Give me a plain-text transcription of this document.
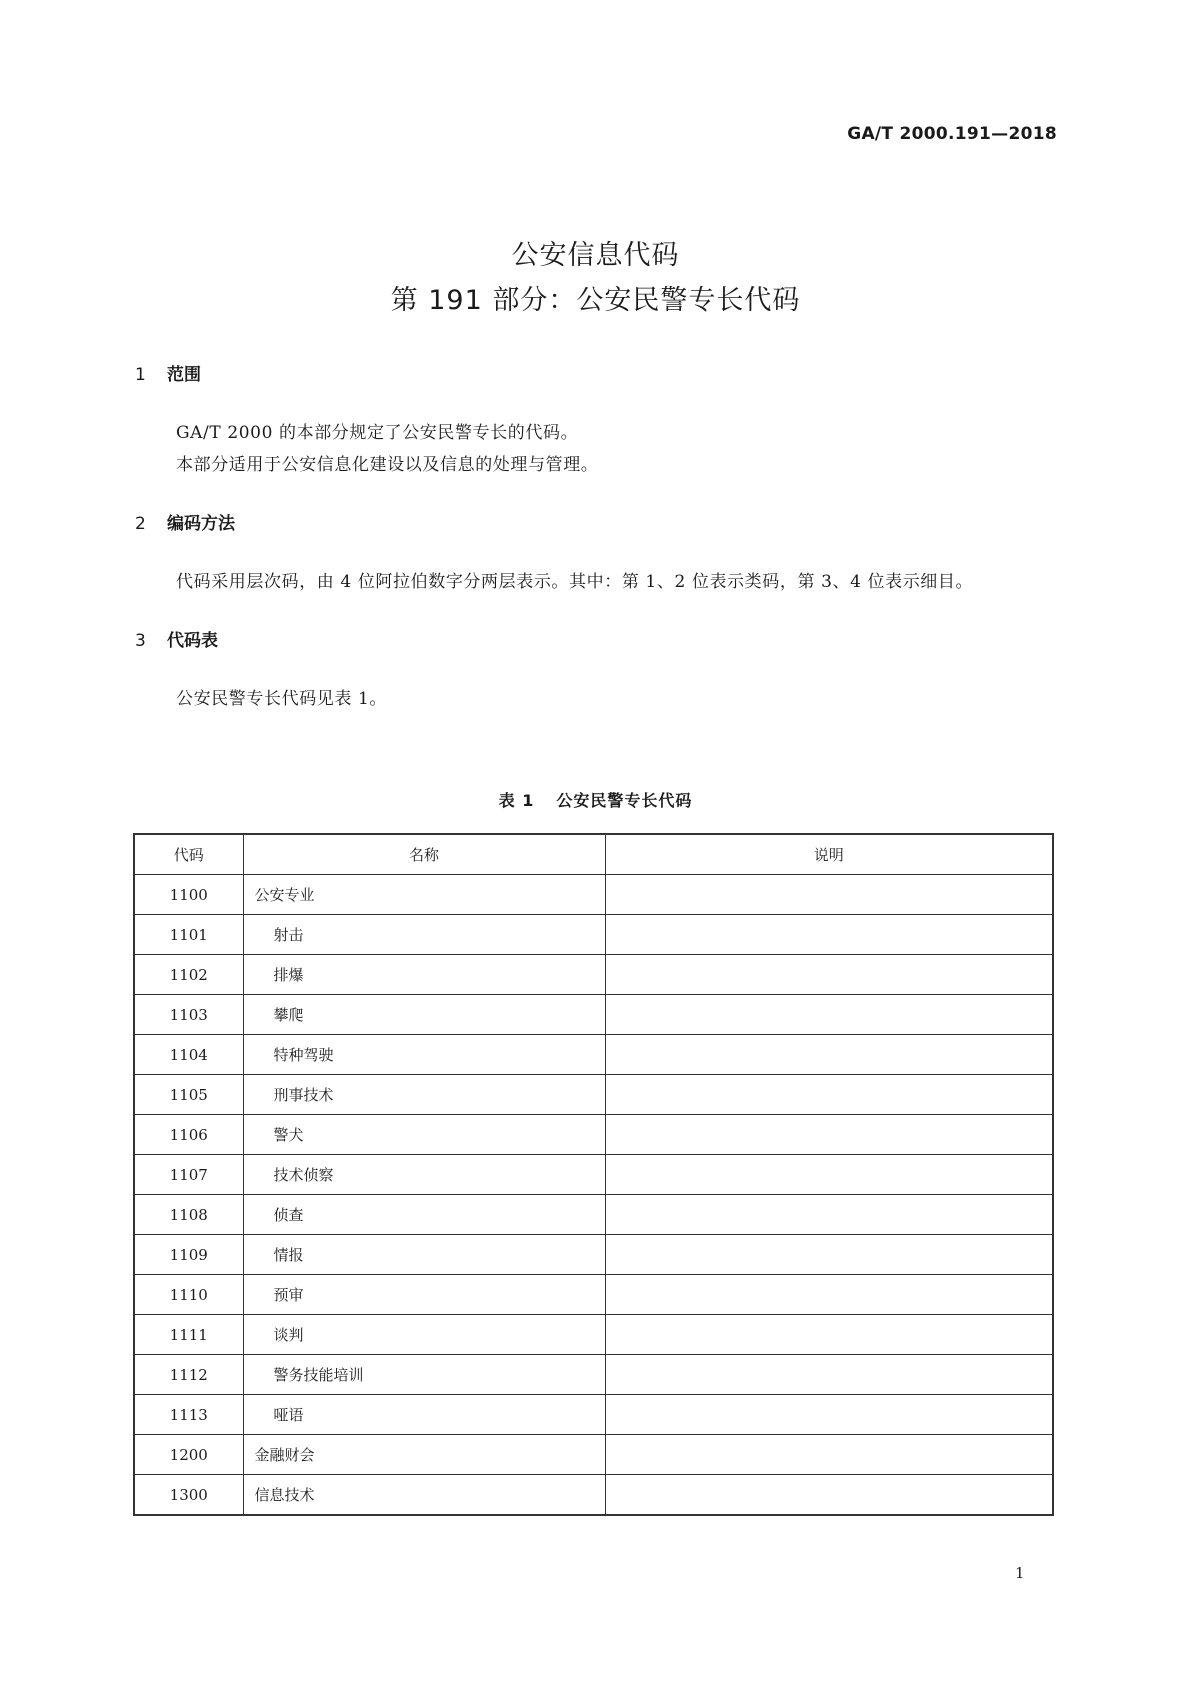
GA/T 2000.191—2018
公安信息代码
第 191 部分：公安民警专长代码
1 范围
GA/T 2000 的本部分规定了公安民警专长的代码。
本部分适用于公安信息化建设以及信息的处理与管理。
2 编码方法
代码采用层次码，由 4 位阿拉伯数字分两层表示。其中：第 1、2 位表示类码，第 3、4 位表示细目。
3 代码表
公安民警专长代码见表 1。
表 1 公安民警专长代码
代码	名称	说明
1100	公安专业	
1101	射击	
1102	排爆	
1103	攀爬	
1104	特种驾驶	
1105	刑事技术	
1106	警犬	
1107	技术侦察	
1108	侦查	
1109	情报	
1110	预审	
1111	谈判	
1112	警务技能培训	
1113	哑语	
1200	金融财会	
1300	信息技术	
1
